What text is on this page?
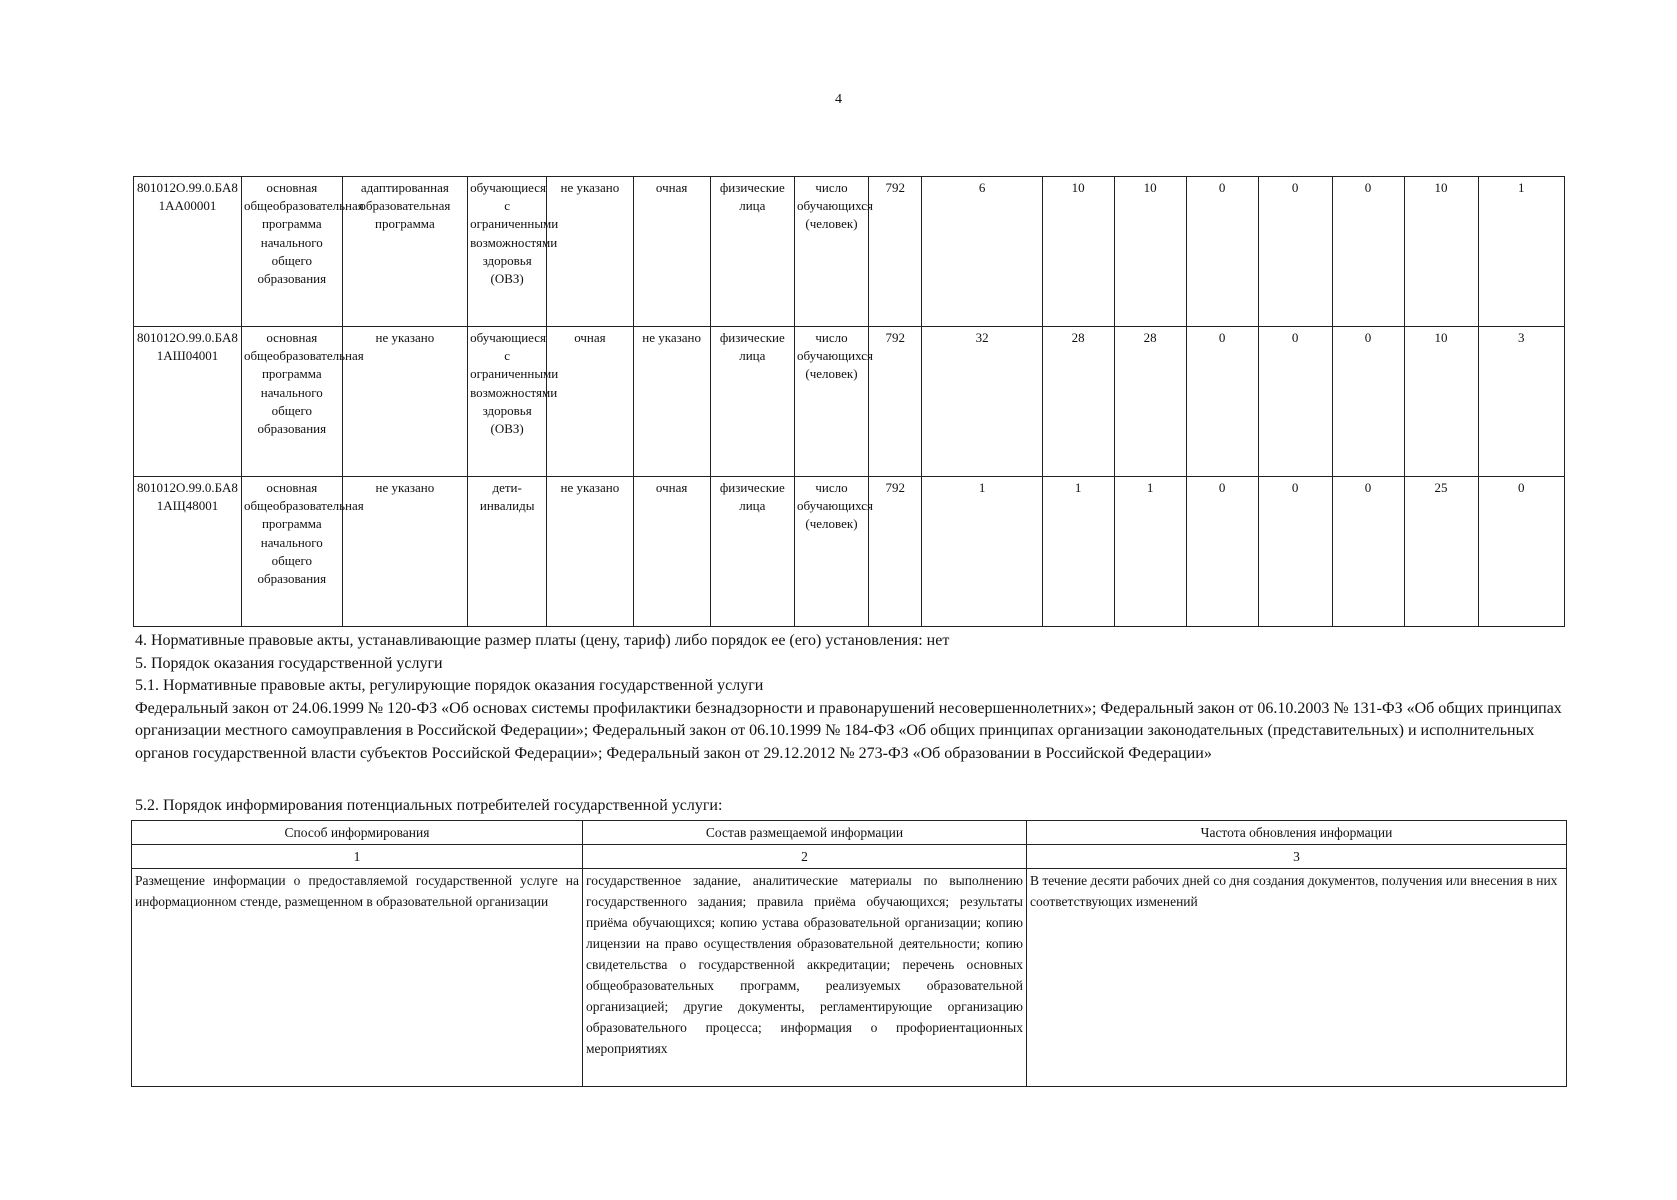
4
801012О.99.0.БА81АА00001	основная общеобразовательная программа начального общего образования	адаптированная образовательная программа	обучающиеся с ограниченными возможностями здоровья (ОВЗ)	не указано	очная	физические лица	число обучающихся (человек)	792	6	10	10	0	0	0	10	1
801012О.99.0.БА81АШ04001	основная общеобразовательная программа начального общего образования	не указано	обучающиеся с ограниченными возможностями здоровья (ОВЗ)	очная	не указано	физические лица	число обучающихся (человек)	792	32	28	28	0	0	0	10	3
801012О.99.0.БА81АЩ48001	основная общеобразовательная программа начального общего образования	не указано	дети-инвалиды	не указано	очная	физические лица	число обучающихся (человек)	792	1	1	1	0	0	0	25	0

4. Нормативные правовые акты, устанавливающие размер платы (цену, тариф) либо порядок ее (его) установления: нет

5. Порядок оказания государственной услуги

5.1. Нормативные правовые акты, регулирующие порядок оказания государственной услуги

Федеральный закон от 24.06.1999 № 120-ФЗ «Об основах системы профилактики безнадзорности и правонарушений несовершеннолетних»; Федеральный закон от 06.10.2003 № 131-ФЗ «Об общих принципах организации местного самоуправления в Российской Федерации»; Федеральный закон от 06.10.1999 № 184-ФЗ «Об общих принципах организации законодательных (представительных) и исполнительных органов государственной власти субъектов Российской Федерации»; Федеральный закон от 29.12.2012 № 273-ФЗ «Об образовании в Российской Федерации»

5.2. Порядок информирования потенциальных потребителей государственной услуги:
Способ информирования	Состав размещаемой информации	Частота обновления информации
1	2	3
Размещение информации о предоставляемой государственной услуге на информационном стенде, размещенном в образовательной организации	государственное задание, аналитические материалы по выполнению государственного задания; правила приёма обучающихся; результаты приёма обучающихся; копию устава образовательной организации; копию лицензии на право осуществления образовательной деятельности; копию свидетельства о государственной аккредитации; перечень основных общеобразовательных программ, реализуемых образовательной организацией; другие документы, регламентирующие организацию образовательного процесса; информация о профориентационных мероприятиях	В течение десяти рабочих дней со дня создания документов, получения или внесения в них соответствующих изменений
